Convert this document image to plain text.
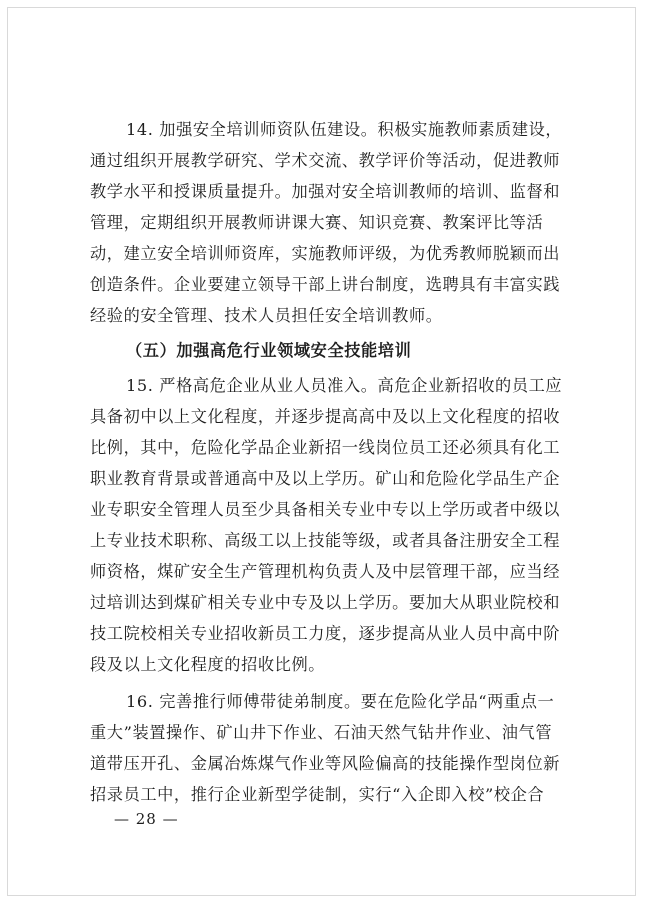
14. 加强安全培训师资队伍建设。积极实施教师素质建设，
通过组织开展教学研究、学术交流、教学评价等活动，促进教师
教学水平和授课质量提升。加强对安全培训教师的培训、监督和
管理，定期组织开展教师讲课大赛、知识竞赛、教案评比等活
动，建立安全培训师资库，实施教师评级，为优秀教师脱颖而出
创造条件。企业要建立领导干部上讲台制度，选聘具有丰富实践
经验的安全管理、技术人员担任安全培训教师。
（五）加强高危行业领域安全技能培训
15. 严格高危企业从业人员准入。高危企业新招收的员工应
具备初中以上文化程度，并逐步提高高中及以上文化程度的招收
比例，其中，危险化学品企业新招一线岗位员工还必须具有化工
职业教育背景或普通高中及以上学历。矿山和危险化学品生产企
业专职安全管理人员至少具备相关专业中专以上学历或者中级以
上专业技术职称、高级工以上技能等级，或者具备注册安全工程
师资格，煤矿安全生产管理机构负责人及中层管理干部，应当经
过培训达到煤矿相关专业中专及以上学历。要加大从职业院校和
技工院校相关专业招收新员工力度，逐步提高从业人员中高中阶
段及以上文化程度的招收比例。
16. 完善推行师傅带徒弟制度。要在危险化学品“两重点一
重大”装置操作、矿山井下作业、石油天然气钻井作业、油气管
道带压开孔、金属冶炼煤气作业等风险偏高的技能操作型岗位新
招录员工中，推行企业新型学徒制，实行“入企即入校”校企合
— 28 —
